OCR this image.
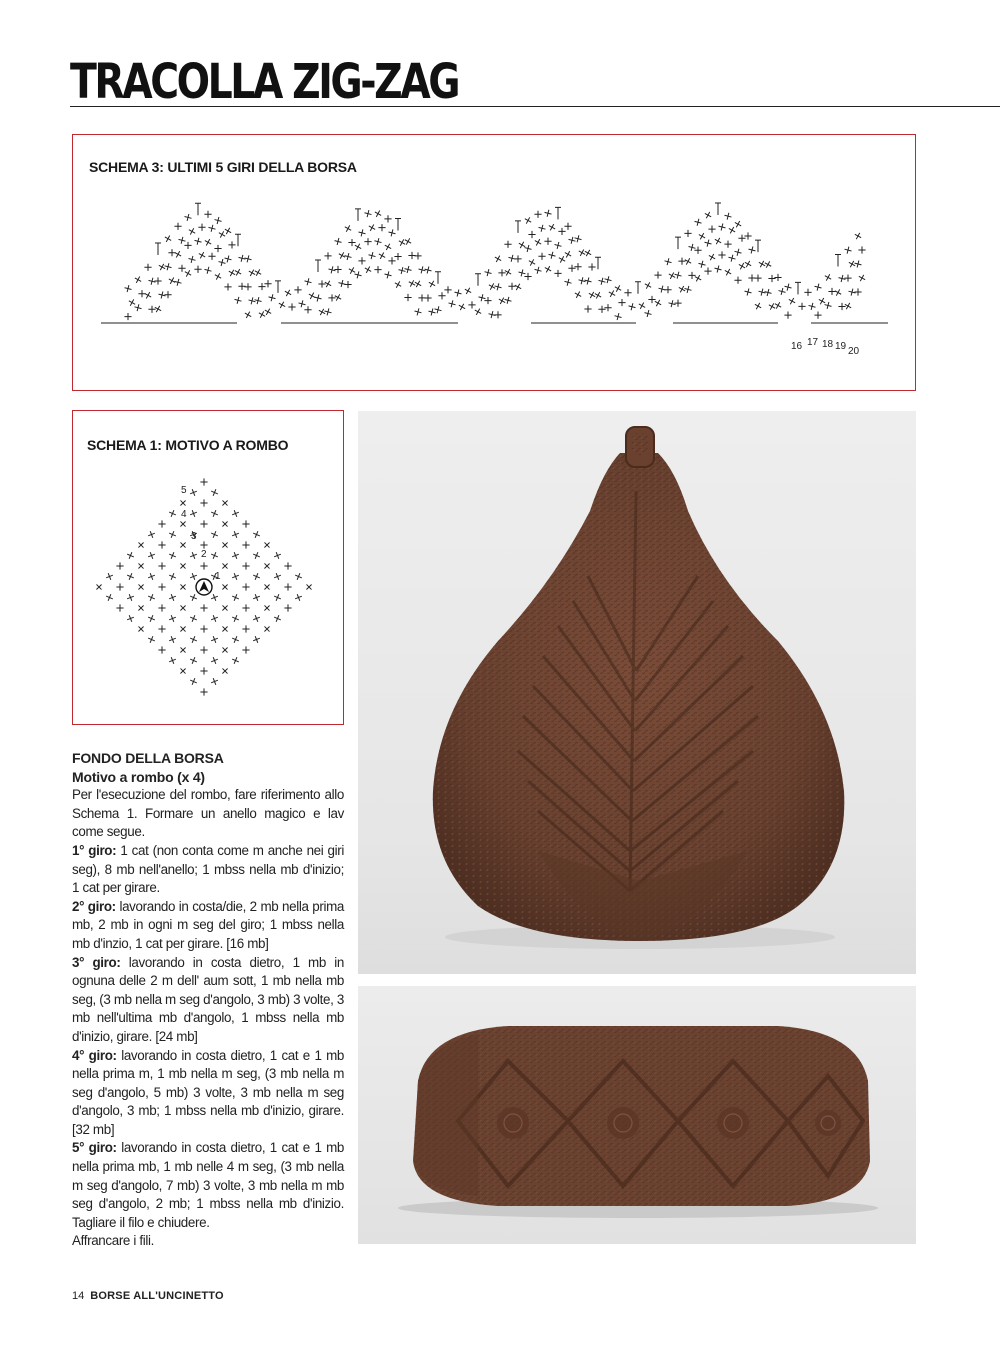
TRACOLLA ZIG-ZAG
SCHEMA 3: ULTIMI 5 GIRI DELLA BORSA
16 17 18 19 20
SCHEMA 1: MOTIVO A ROMBO
1
2
3
4
5
FONDO DELLA BORSA
Motivo a rombo (x 4)

Per l'esecuzione del rombo, fare riferimento allo Schema 1. Formare un anello magico e lav come segue.

1° giro: 1 cat (non conta come m anche nei giri seg), 8 mb nell'anello; 1 mbss nella mb d'inizio; 1 cat per girare.

2° giro: lavorando in costa/die, 2 mb nella prima mb, 2 mb in ogni m seg del giro; 1 mbss nella mb d'inzio, 1 cat per girare. [16 mb]

3° giro: lavorando in costa dietro, 1 mb in ognuna delle 2 m dell' aum sott, 1 mb nella mb seg, (3 mb nella m seg d'angolo, 3 mb) 3 volte, 3 mb nell'ultima mb d'angolo, 1 mbss nella mb d'inizio, girare. [24 mb]

4° giro: lavorando in costa dietro, 1 cat e 1 mb nella prima m, 1 mb nella m seg, (3 mb nella m seg d'angolo, 5 mb) 3 volte, 3 mb nella m seg d'angolo, 3 mb; 1 mbss nella mb d'inizio, girare. [32 mb]

5° giro: lavorando in costa dietro, 1 cat e 1 mb nella prima mb, 1 mb nelle 4 m seg, (3 mb nella m seg d'angolo, 7 mb) 3 volte, 3 mb nella m mb seg d'angolo, 2 mb; 1 mbss nella mb d'inizio. Tagliare il filo e chiudere.

Affrancare i fili.

14 BORSE ALL'UNCINETTO
